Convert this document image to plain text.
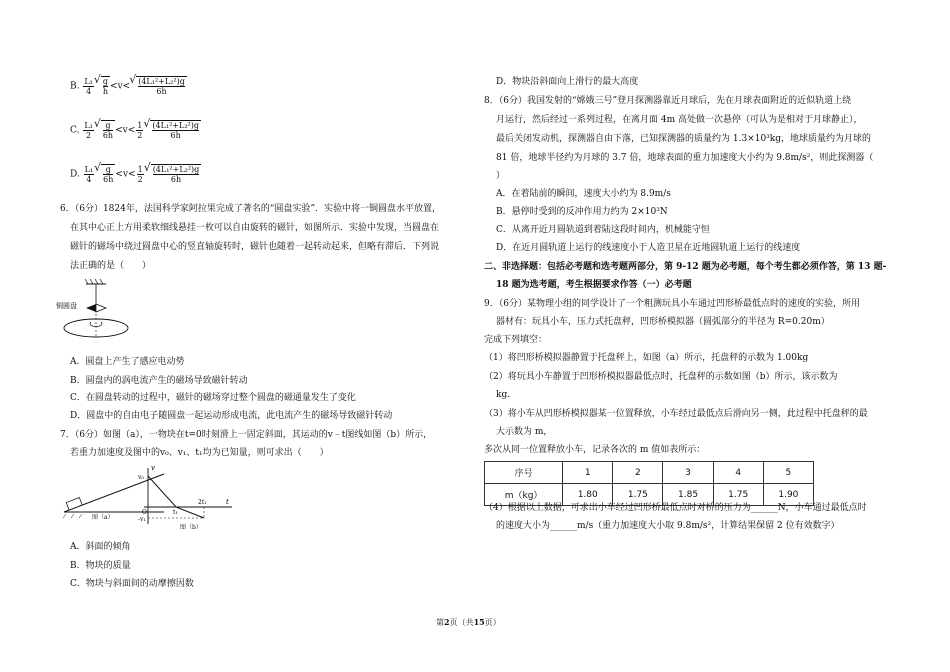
B. $\frac{\text{L₁}}{4}$ √ $\frac{g}{h} <v<$ √ $\frac{\text{(4L₁²+L₂²)g}}{6h}$
C. $\frac{\text{L₁}}{2}$ √ $\frac{g}{6h} <v< \frac{1}{2}$ √ $\frac{\text{(4L₁²+L₂²)g}}{6h}$
D. $\frac{\text{L₁}}{4}$ √ $\frac{g}{6h} <v< \frac{1}{2}$ √ $\frac{\text{(4L₁²+L₂²)g}}{6h}$
6．（6分）1824年，法国科学家阿拉果完成了著名的“圆盘实验”．实验中将一铜圆盘水平放置，
在其中心正上方用柔软细线悬挂一枚可以自由旋转的磁针，如图所示．实验中发现，当圆盘在
磁针的磁场中绕过圆盘中心的竖直轴旋转时，磁针也随着一起转动起来，但略有滞后．下列说
法正确的是（　　）
铜圆盘
A．圆盘上产生了感应电动势
B．圆盘内的涡电流产生的磁场导致磁针转动
C．在圆盘转动的过程中，磁针的磁场穿过整个圆盘的磁通量发生了变化
D．圆盘中的自由电子随圆盘一起运动形成电流，此电流产生的磁场导致磁针转动
7．（6分）如图（a），一物块在t=0时刻滑上一固定斜面，其运动的v﹣t图线如图（b）所示，
若重力加速度及图中的v₀、v₁、t₁均为已知量，则可求出（　　）
图（a）
v
t
v₀
-v₁
t₁
2t₁
O
图（b）
A．斜面的倾角
B．物块的质量
C．物块与斜面间的动摩擦因数
D．物块沿斜面向上滑行的最大高度
8．（6分）我国发射的“嫦娥三号”登月探测器靠近月球后，先在月球表面附近的近似轨道上绕
月运行，然后经过一系列过程，在离月面 4m 高处做一次悬停（可认为是相对于月球静止），
最后关闭发动机，探测器自由下落，已知探测器的质量约为 1.3×10³kg，地球质量约为月球的
81 倍，地球半径约为月球的 3.7 倍，地球表面的重力加速度大小约为 9.8m/s²，则此探测器（
）
A．在着陆前的瞬间，速度大小约为 8.9m/s
B．悬停时受到的反冲作用力约为 2×10³N
C．从离开近月圆轨道到着陆这段时间内，机械能守恒
D．在近月圆轨道上运行的线速度小于人造卫星在近地圆轨道上运行的线速度
二、非选择题：包括必考题和选考题两部分，第 9-12 题为必考题，每个考生都必须作答，第 13 题-
18 题为选考题，考生根据要求作答（一）必考题
9．（6分）某物理小组的同学设计了一个粗测玩具小车通过凹形桥最低点时的速度的实验，所用
器材有：玩具小车，压力式托盘秤，凹形桥模拟器（圆弧部分的半径为 R=0.20m）
完成下列填空：
（1）将凹形桥模拟器静置于托盘秤上，如图（a）所示，托盘秤的示数为 1.00kg
（2）将玩具小车静置于凹形桥模拟器最低点时，托盘秤的示数如图（b）所示，该示数为
kg．
（3）将小车从凹形桥模拟器某一位置释放，小车经过最低点后滑向另一侧，此过程中托盘秤的最
大示数为 m，
多次从同一位置释放小车，记录各次的 m 值如表所示：
序号	1	2	3	4	5
m（kg）	1.80	1.75	1.85	1.75	1.90
（4）根据以上数据，可求出小车经过凹形桥最低点时对桥的压力为______N，小车通过最低点时
的速度大小为______m/s（重力加速度大小取 9.8m/s²，计算结果保留 2 位有效数字）
第2页（共15页）
